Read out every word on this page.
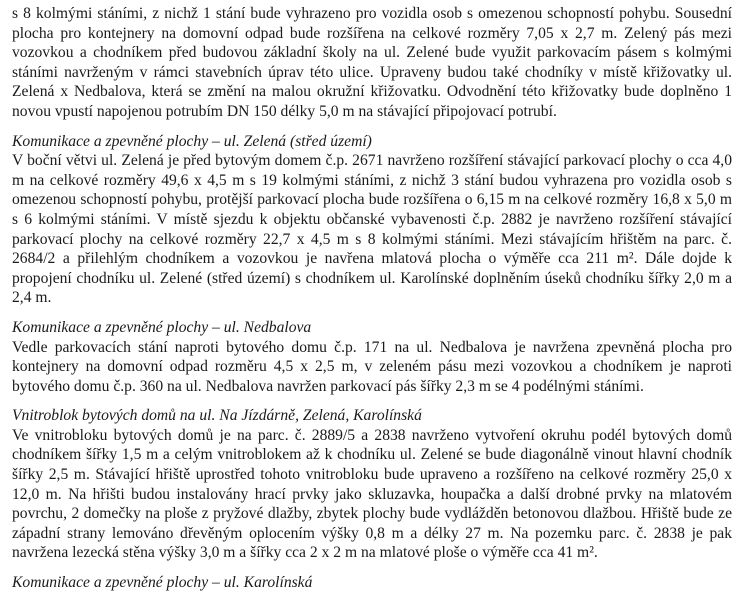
s 8 kolmými stáními, z nichž 1 stání bude vyhrazeno pro vozidla osob s omezenou schopností pohybu. Sousední plocha pro kontejnery na domovní odpad bude rozšířena na celkové rozměry 7,05 x 2,7 m. Zelený pás mezi vozovkou a chodníkem před budovou základní školy na ul. Zelené bude využit parkovacím pásem s kolmými stáními navrženým v rámci stavebních úprav této ulice. Upraveny budou také chodníky v místě křižovatky ul. Zelená x Nedbalova, která se změní na malou okružní křižovatku. Odvodnění této křižovatky bude doplněno 1 novou vpustí napojenou potrubím DN 150 délky 5,0 m na stávající připojovací potrubí.

Komunikace a zpevněné plochy – ul. Zelená (střed území)

V boční větvi ul. Zelená je před bytovým domem č.p. 2671 navrženo rozšíření stávající parkovací plochy o cca 4,0 m na celkové rozměry 49,6 x 4,5 m s 19 kolmými stáními, z nichž 3 stání budou vyhrazena pro vozidla osob s omezenou schopností pohybu, protější parkovací plocha bude rozšířena o 6,15 m na celkové rozměry 16,8 x 5,0 m s 6 kolmými stáními. V místě sjezdu k objektu občanské vybavenosti č.p. 2882 je navrženo rozšíření stávající parkovací plochy na celkové rozměry 22,7 x 4,5 m s 8 kolmými stáními. Mezi stávajícím hřištěm na parc. č. 2684/2 a přilehlým chodníkem a vozovkou je navřena mlatová plocha o výměře cca 211 m². Dále dojde k propojení chodníku ul. Zelené (střed území) s chodníkem ul. Karolínské doplněním úseků chodníku šířky 2,0 m a 2,4 m.

Komunikace a zpevněné plochy – ul. Nedbalova

Vedle parkovacích stání naproti bytového domu č.p. 171 na ul. Nedbalova je navržena zpevněná plocha pro kontejnery na domovní odpad rozměru 4,5 x 2,5 m, v zeleném pásu mezi vozovkou a chodníkem je naproti bytového domu č.p. 360 na ul. Nedbalova navržen parkovací pás šířky 2,3 m se 4 podélnými stáními.

Vnitroblok bytových domů na ul. Na Jízdárně, Zelená, Karolínská

Ve vnitrobloku bytových domů je na parc. č. 2889/5 a 2838 navrženo vytvoření okruhu podél bytových domů chodníkem šířky 1,5 m a celým vnitroblokem až k chodníku ul. Zelené se bude diagonálně vinout hlavní chodník šířky 2,5 m. Stávající hřiště uprostřed tohoto vnitrobloku bude upraveno a rozšířeno na celkové rozměry 25,0 x 12,0 m. Na hřišti budou instalovány hrací prvky jako skluzavka, houpačka a další drobné prvky na mlatovém povrchu, 2 domečky na ploše z pryžové dlažby, zbytek plochy bude vydlážděn betonovou dlažbou. Hřiště bude ze západní strany lemováno dřevěným oplocením výšky 0,8 m a délky 27 m. Na pozemku parc. č. 2838 je pak navržena lezecká stěna výšky 3,0 m a šířky cca 2 x 2 m na mlatové ploše o výměře cca 41 m².

Komunikace a zpevněné plochy – ul. Karolínská
